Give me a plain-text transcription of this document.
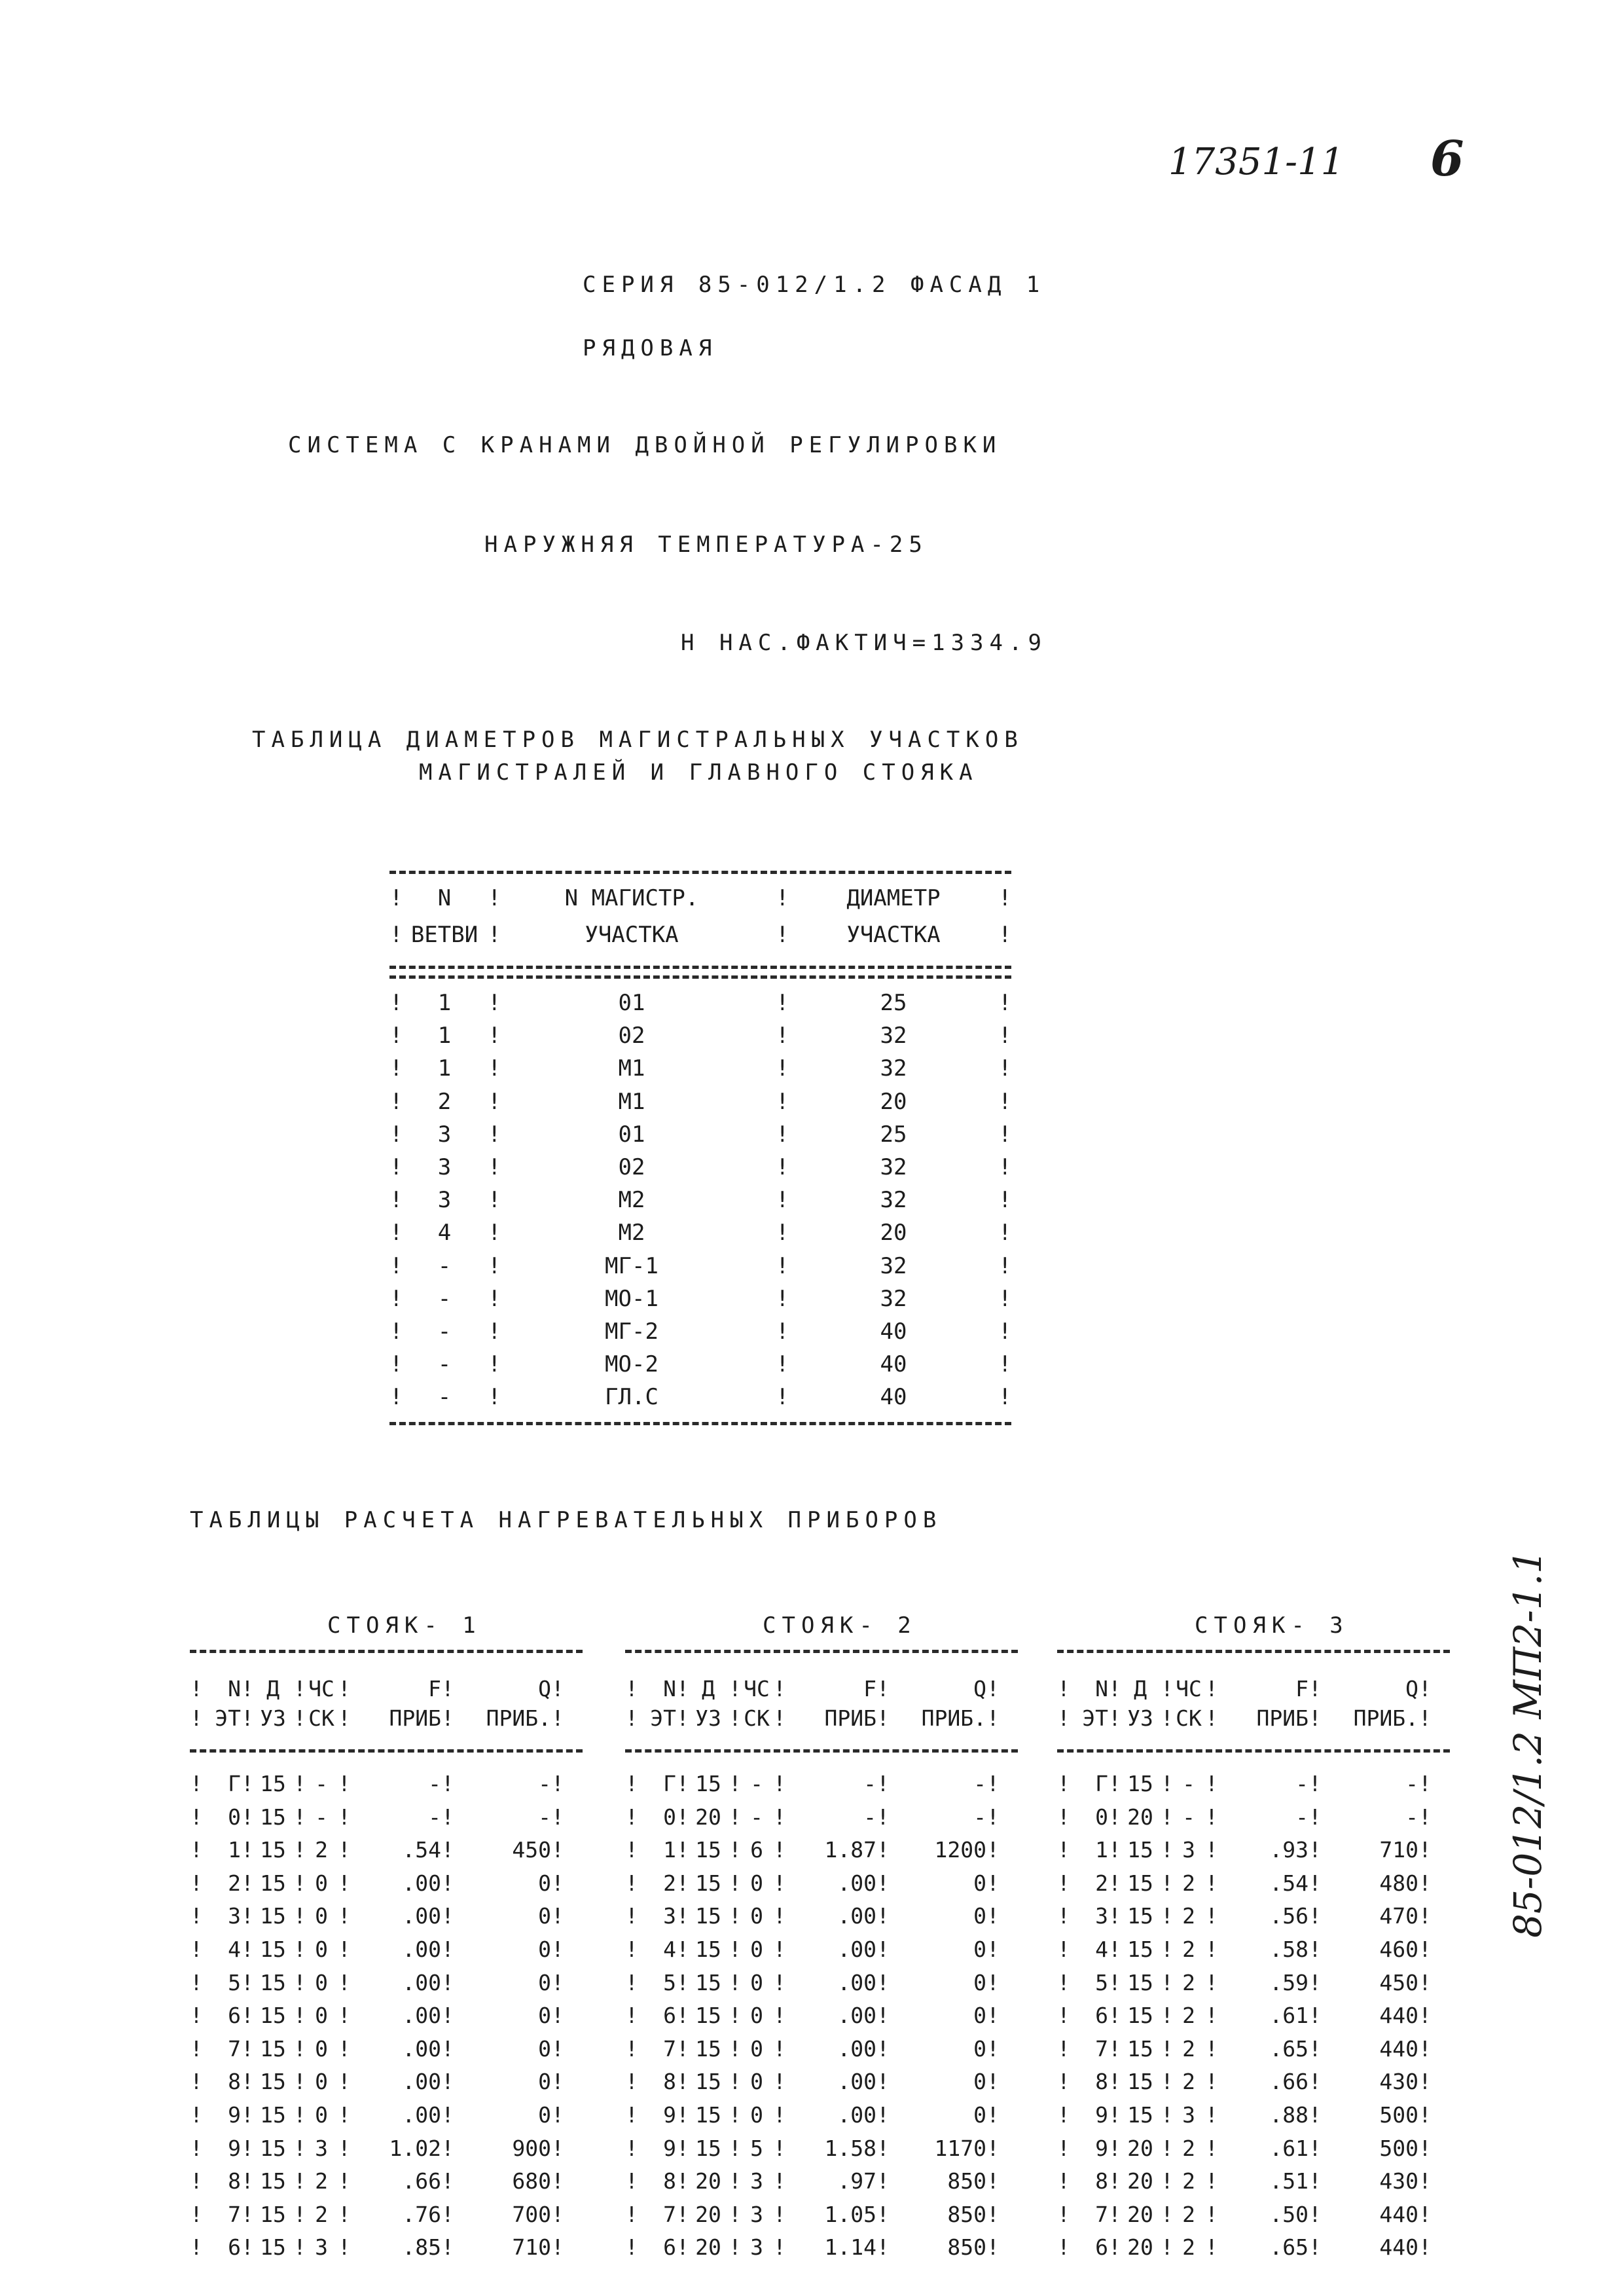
17351-11 6
СЕРИЯ 85-012/1.2 ФАСАД 1
РЯДОВАЯ
СИСТЕМА С КРАНАМИ ДВОЙНОЙ РЕГУЛИРОВКИ
НАРУЖНЯЯ ТЕМПЕРАТУРА-25
Н НАС.ФАКТИЧ=1334.9
ТАБЛИЦА ДИАМЕТРОВ МАГИСТРАЛЬНЫХ УЧАСТКОВ
МАГИСТРАЛЕЙ И ГЛАВНОГО СТОЯКА
!	N	!	N МАГИСТР.	!	ДИАМЕТР	!
! ВЕТВИ !	УЧАСТКА	!	УЧАСТКА	!
!	1	!	01	!	25	!
!	1	!	02	!	32	!
!	1	!	М1	!	32	!
!	2	!	М1	!	20	!
!	3	!	01	!	25	!
!	3	!	02	!	32	!
!	3	!	М2	!	32	!
!	4	!	М2	!	20	!
!	-	!	МГ-1	!	32	!
!	-	!	МО-1	!	32	!
!	-	!	МГ-2	!	40	!
!	-	!	МО-2	!	40	!
!	-	!	ГЛ.С	!	40	!
ТАБЛИЦЫ РАСЧЕТА НАГРЕВАТЕЛЬНЫХ ПРИБОРОВ
СТОЯК- 1
!	N ! Д ! ЧС !	F !	Q !
! ЭТ ! УЗ ! СК !	ПРИБ !	ПРИБ. !
!	Г ! 15 ! - !	- !	- !
!	0 ! 15 ! - !	- !	- !
!	1 ! 15 ! 2 !	.54 !	450 !
!	2 ! 15 ! 0 !	.00 !	0 !
!	3 ! 15 ! 0 !	.00 !	0 !
!	4 ! 15 ! 0 !	.00 !	0 !
!	5 ! 15 ! 0 !	.00 !	0 !
!	6 ! 15 ! 0 !	.00 !	0 !
!	7 ! 15 ! 0 !	.00 !	0 !
!	8 ! 15 ! 0 !	.00 !	0 !
!	9 ! 15 ! 0 !	.00 !	0 !
!	9 ! 15 ! 3 !	1.02 !	900 !
!	8 ! 15 ! 2 !	.66 !	680 !
!	7 ! 15 ! 2 !	.76 !	700 !
!	6 ! 15 ! 3 !	.85 !	710 !
СТОЯК- 2
!	N ! Д ! ЧС !	F !	Q !
! ЭТ ! УЗ ! СК !	ПРИБ !	ПРИБ. !
!	Г ! 15 ! - !	- !	- !
!	0 ! 20 ! - !	- !	- !
!	1 ! 15 ! 6 !	1.87 !	1200 !
!	2 ! 15 ! 0 !	.00 !	0 !
!	3 ! 15 ! 0 !	.00 !	0 !
!	4 ! 15 ! 0 !	.00 !	0 !
!	5 ! 15 ! 0 !	.00 !	0 !
!	6 ! 15 ! 0 !	.00 !	0 !
!	7 ! 15 ! 0 !	.00 !	0 !
!	8 ! 15 ! 0 !	.00 !	0 !
!	9 ! 15 ! 0 !	.00 !	0 !
!	9 ! 15 ! 5 !	1.58 !	1170 !
!	8 ! 20 ! 3 !	.97 !	850 !
!	7 ! 20 ! 3 !	1.05 !	850 !
!	6 ! 20 ! 3 !	1.14 !	850 !
СТОЯК- 3
!	N ! Д ! ЧС !	F !	Q !
! ЭТ ! УЗ ! СК !	ПРИБ !	ПРИБ. !
!	Г ! 15 ! - !	- !	- !
!	0 ! 20 ! - !	- !	- !
!	1 ! 15 ! 3 !	.93 !	710 !
!	2 ! 15 ! 2 !	.54 !	480 !
!	3 ! 15 ! 2 !	.56 !	470 !
!	4 ! 15 ! 2 !	.58 !	460 !
!	5 ! 15 ! 2 !	.59 !	450 !
!	6 ! 15 ! 2 !	.61 !	440 !
!	7 ! 15 ! 2 !	.65 !	440 !
!	8 ! 15 ! 2 !	.66 !	430 !
!	9 ! 15 ! 3 !	.88 !	500 !
!	9 ! 20 ! 2 !	.61 !	500 !
!	8 ! 20 ! 2 !	.51 !	430 !
!	7 ! 20 ! 2 !	.50 !	440 !
!	6 ! 20 ! 2 !	.65 !	440 !
85-012/1.2 МП2-1.1
